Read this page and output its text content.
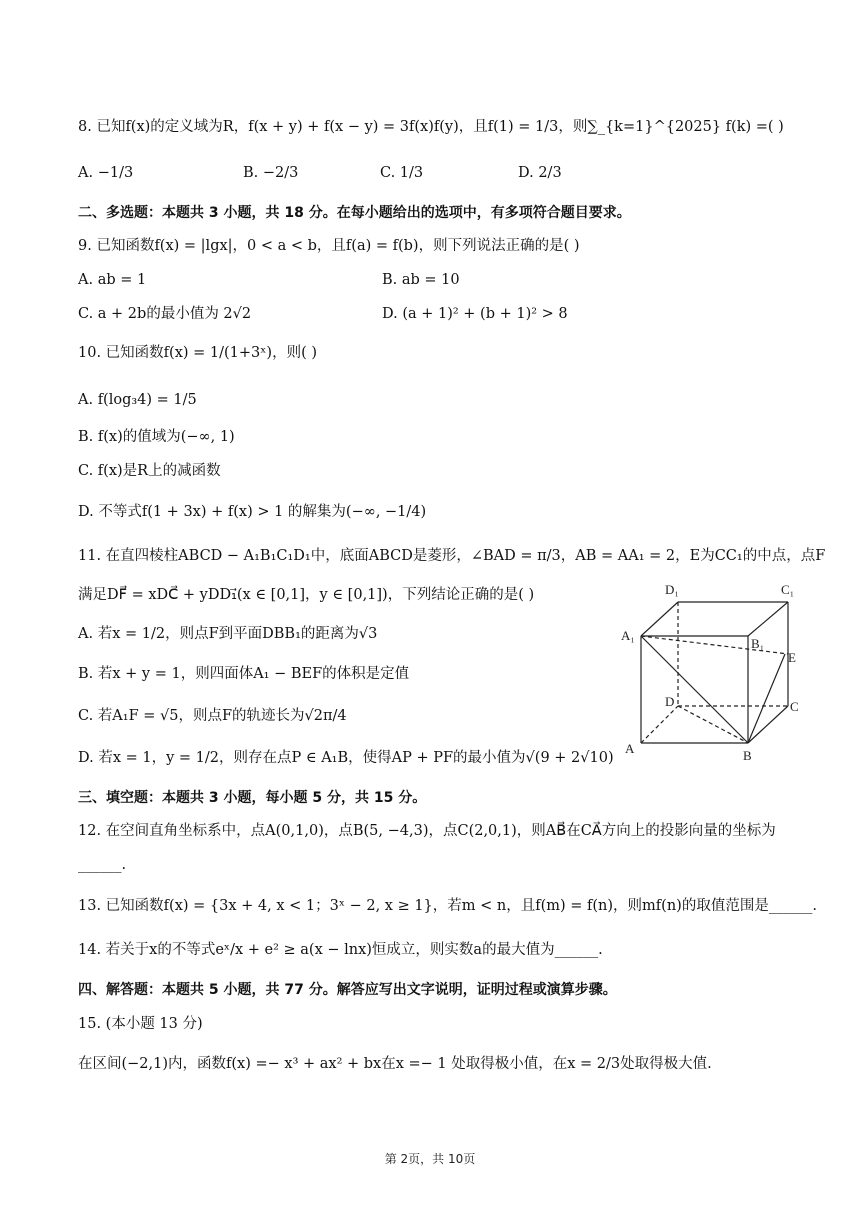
8. 已知f(x)的定义域为R，f(x + y) + f(x − y) = 3f(x)f(y)，且f(1) = 1/3，则∑_{k=1}^{2025} f(k) =( )
A. −1/3	B. −2/3	C. 1/3	D. 2/3
二、多选题：本题共 3 小题，共 18 分。在每小题给出的选项中，有多项符合题目要求。
9. 已知函数f(x) = |lgx|，0 < a < b，且f(a) = f(b)，则下列说法正确的是( )
A. ab = 1	B. ab = 10
C. a + 2b的最小值为 2√2	D. (a + 1)² + (b + 1)² > 8
10. 已知函数f(x) = 1/(1+3ˣ)，则( )
A. f(log₃4) = 1/5
B. f(x)的值域为(−∞, 1)
C. f(x)是R上的减函数
D. 不等式f(1 + 3x) + f(x) > 1 的解集为(−∞, −1/4)
11. 在直四棱柱ABCD − A₁B₁C₁D₁中，底面ABCD是菱形，∠BAD = π/3，AB = AA₁ = 2，E为CC₁的中点，点F
满足DF⃗ = xDC⃗ + yDD₁⃗(x ∈ [0,1]，y ∈ [0,1])，下列结论正确的是( )
A. 若x = 1/2，则点F到平面DBB₁的距离为√3
B. 若x + y = 1，则四面体A₁ − BEF的体积是定值
C. 若A₁F = √5，则点F的轨迹长为√2π/4
D. 若x = 1，y = 1/2，则存在点P ∈ A₁B，使得AP + PF的最小值为√(9 + 2√10)
D₁	C₁
A₁
B₁
E
D	C
A	B
三、填空题：本题共 3 小题，每小题 5 分，共 15 分。
12. 在空间直角坐标系中，点A(0,1,0)，点B(5, −4,3)，点C(2,0,1)，则AB⃗在CA⃗方向上的投影向量的坐标为
______.
13. 已知函数f(x) = {3x + 4, x < 1；3ˣ − 2, x ≥ 1}，若m < n，且f(m) = f(n)，则mf(n)的取值范围是______.
14. 若关于x的不等式eˣ/x + e² ≥ a(x − lnx)恒成立，则实数a的最大值为______.
四、解答题：本题共 5 小题，共 77 分。解答应写出文字说明，证明过程或演算步骤。
15. (本小题 13 分)
在区间(−2,1)内，函数f(x) =− x³ + ax² + bx在x =− 1 处取得极小值，在x = 2/3处取得极大值.
第 2页，共 10页
